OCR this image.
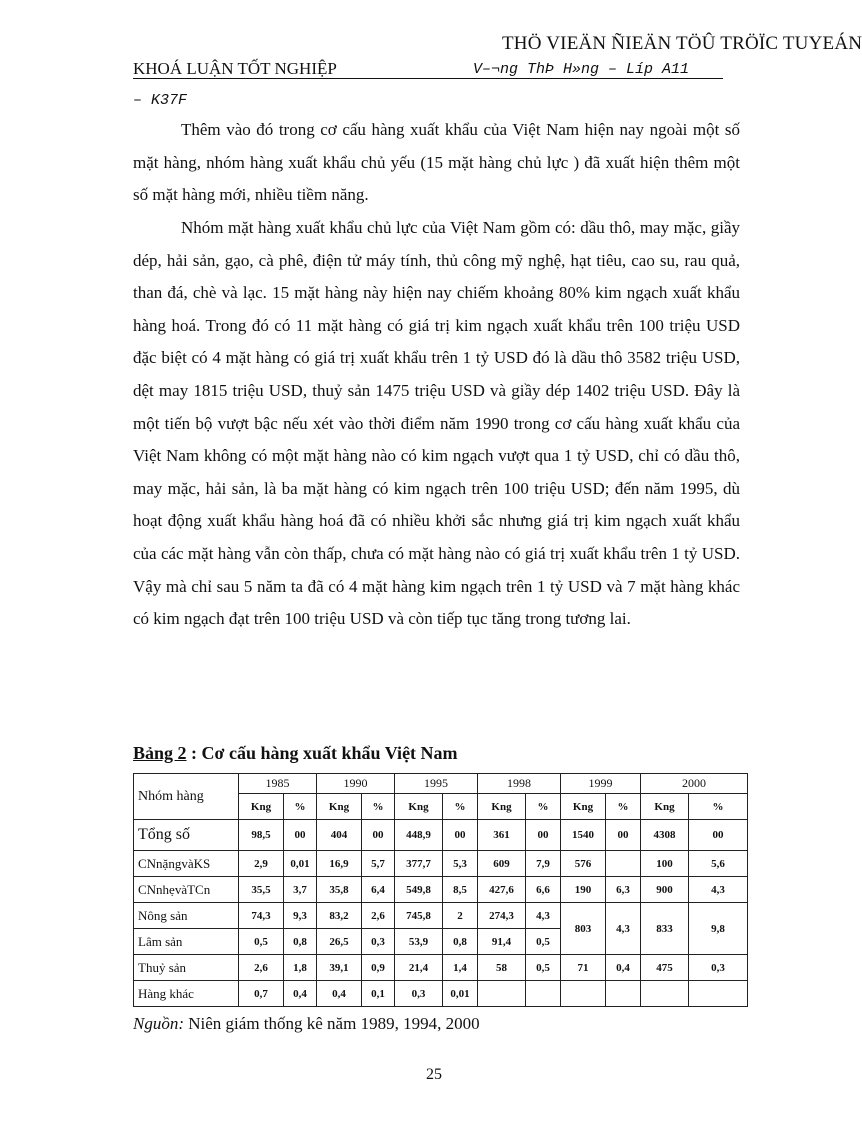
THÖ VIEÄN ÑIEÄN TÖÛ TRÖÏC TUYEÁN
KHOÁ LUẬN TỐT NGHIỆP	V–¬ng ThÞ H»ng – Líp A11
– K37F

Thêm vào đó trong cơ cấu hàng xuất khẩu của Việt Nam hiện nay ngoài một số mặt hàng, nhóm hàng xuất khẩu chủ yếu (15 mặt hàng chủ lực ) đã xuất hiện thêm một số mặt hàng mới, nhiều tiềm năng.

Nhóm mặt hàng xuất khẩu chủ lực của Việt Nam gồm có: dầu thô, may mặc, giầy dép, hải sản, gạo, cà phê, điện tử máy tính, thủ công mỹ nghệ, hạt tiêu, cao su, rau quả, than đá, chè và lạc. 15 mặt hàng này hiện nay chiếm khoảng 80% kim ngạch xuất khẩu hàng hoá. Trong đó có 11 mặt hàng có giá trị kim ngạch xuất khẩu trên 100 triệu USD đặc biệt có 4 mặt hàng có giá trị xuất khẩu trên 1 tỷ USD đó là dầu thô 3582 triệu USD, dệt may 1815 triệu USD, thuỷ sản 1475 triệu USD và giầy dép 1402 triệu USD. Đây là một tiến bộ vượt bậc nếu xét vào thời điểm năm 1990 trong cơ cấu hàng xuất khẩu của Việt Nam không có một mặt hàng nào có kim ngạch vượt qua 1 tỷ USD, chỉ có dầu thô, may mặc, hải sản, là ba mặt hàng có kim ngạch trên 100 triệu USD; đến năm 1995, dù hoạt động xuất khẩu hàng hoá đã có nhiều khởi sắc nhưng giá trị kim ngạch xuất khẩu của các mặt hàng vẫn còn thấp, chưa có mặt hàng nào có giá trị xuất khẩu trên 1 tỷ USD. Vậy mà chỉ sau 5 năm ta đã có 4 mặt hàng kim ngạch trên 1 tỷ USD và 7 mặt hàng khác có kim ngạch đạt trên 100 triệu USD và còn tiếp tục tăng trong tương lai.

Bảng 2 : Cơ cấu hàng xuất khẩu Việt Nam
Nhóm hàng	1985		1990		1995		1998		1999		2000	
	Kng	%	Kng	%	Kng	%	Kng	%	Kng	%	Kng	%
Tổng số	98,5	00	404	00	448,9	00	361	00	1540	00	4308	00
CNnặngvàKS	2,9	0,01	16,9	5,7	377,7	5,3	609	7,9	576		100	5,6
CNnhẹvàTCn	35,5	3,7	35,8	6,4	549,8	8,5	427,6	6,6	190	6,3	900	4,3
Nông sản	74,3	9,3	83,2	2,6	745,8	2	274,3	4,3	803	4,3	833	9,8
Lâm sản	0,5	0,8	26,5	0,3	53,9	0,8	91,4	0,5				
Thuỷ sản	2,6	1,8	39,1	0,9	21,4	1,4	58	0,5	71	0,4	475	0,3
Hàng khác	0,7	0,4	0,4	0,1	0,3	0,01						
Nguồn: Niên giám thống kê năm 1989, 1994, 2000
25
